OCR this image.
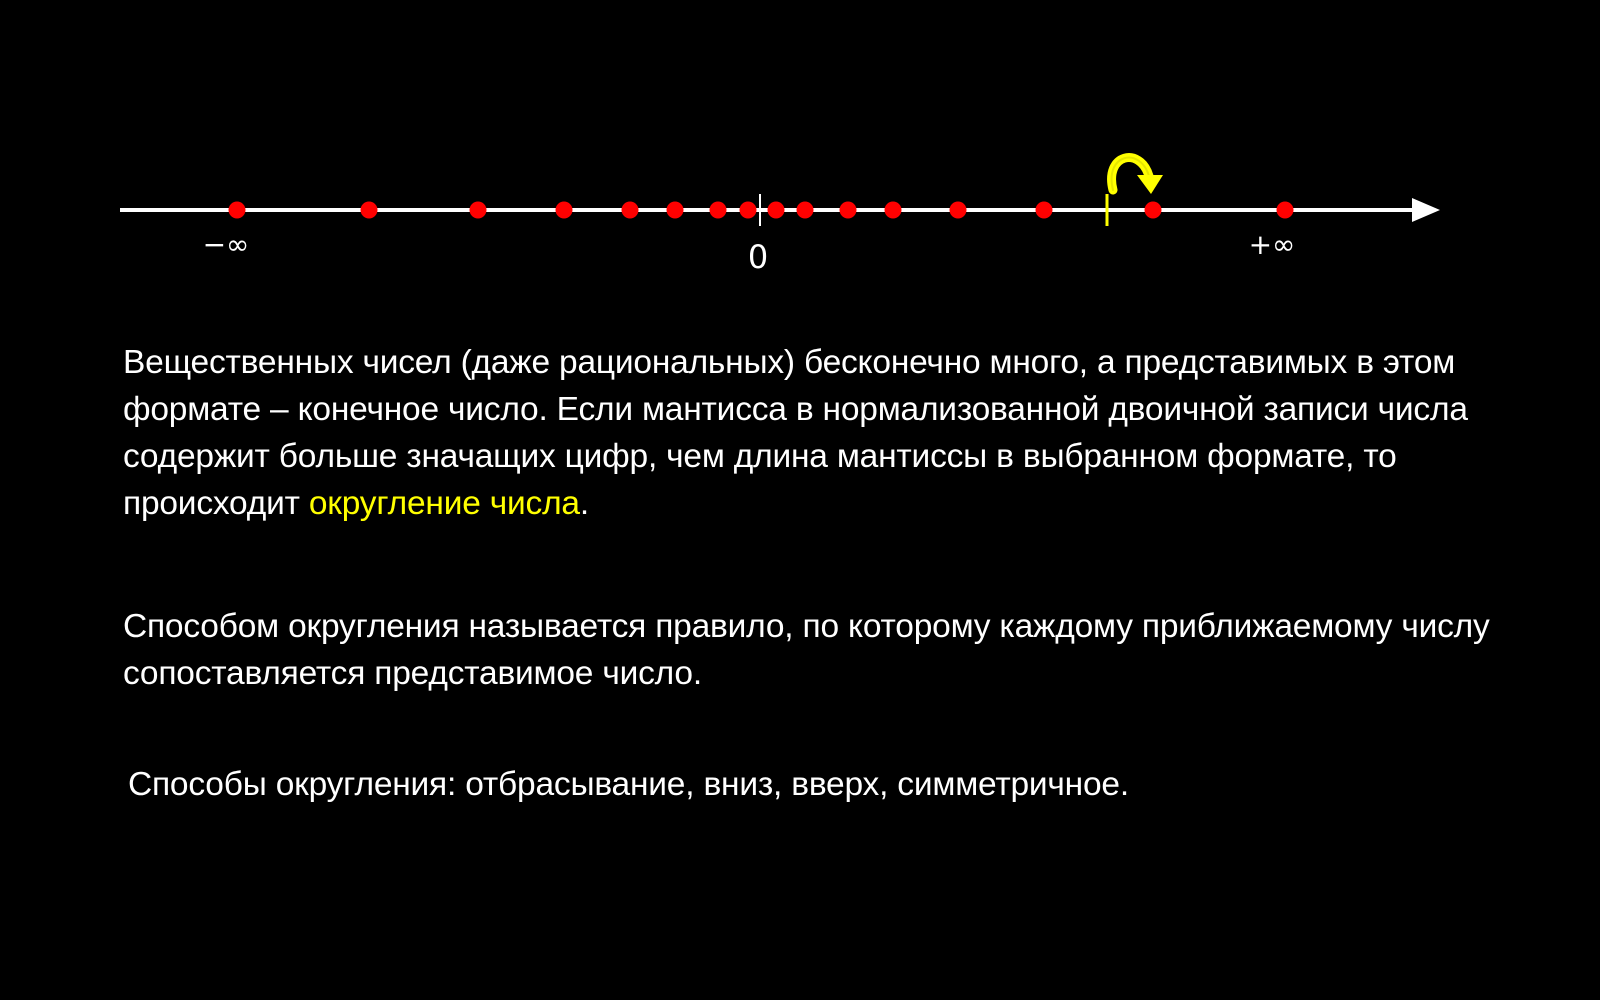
−∞	0	+∞

Вещественных чисел (даже рациональных) бесконечно много, а представимых в этом формате – конечное число. Если мантисса в нормализованной двоичной записи числа содержит больше значащих цифр, чем длина мантиссы в выбранном формате, то происходит округление числа.

Способом округления называется правило, по которому каждому приближаемому числу сопоставляется представимое число.

Способы округления: отбрасывание, вниз, вверх, симметричное.
